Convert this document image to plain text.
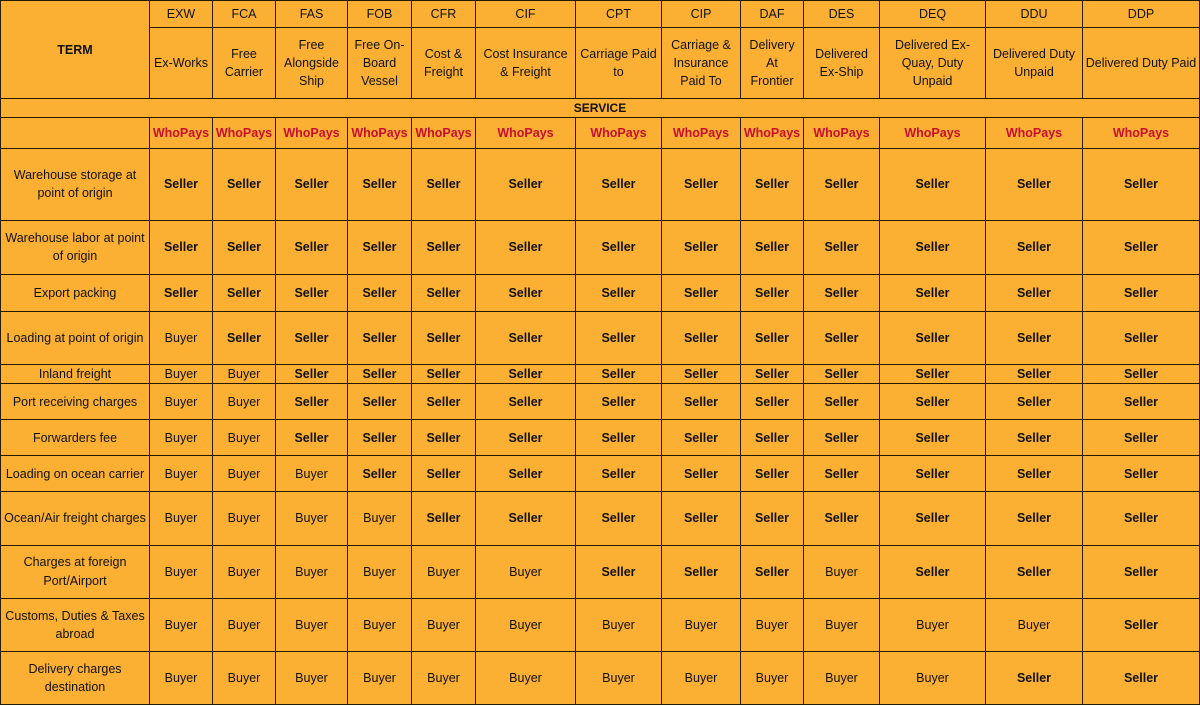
TERM	EXW	FCA	FAS	FOB	CFR	CIF	CPT	CIP	DAF	DES	DEQ	DDU	DDP
	Ex-Works	Free Carrier	Free Alongside Ship	Free On-Board Vessel	Cost & Freight	Cost Insurance & Freight	Carriage Paid to	Carriage & Insurance Paid To	Delivery At Frontier	Delivered Ex-Ship	Delivered Ex-Quay, Duty Unpaid	Delivered Duty Unpaid	Delivered Duty Paid
SERVICE													
	WhoPays	WhoPays	WhoPays	WhoPays	WhoPays	WhoPays	WhoPays	WhoPays	WhoPays	WhoPays	WhoPays	WhoPays	WhoPays
Warehouse storage at point of origin	Seller	Seller	Seller	Seller	Seller	Seller	Seller	Seller	Seller	Seller	Seller	Seller	Seller
Warehouse labor at point of origin	Seller	Seller	Seller	Seller	Seller	Seller	Seller	Seller	Seller	Seller	Seller	Seller	Seller
Export packing	Seller	Seller	Seller	Seller	Seller	Seller	Seller	Seller	Seller	Seller	Seller	Seller	Seller
Loading at point of origin	Buyer	Seller	Seller	Seller	Seller	Seller	Seller	Seller	Seller	Seller	Seller	Seller	Seller
Inland freight	Buyer	Buyer	Seller	Seller	Seller	Seller	Seller	Seller	Seller	Seller	Seller	Seller	Seller
Port receiving charges	Buyer	Buyer	Seller	Seller	Seller	Seller	Seller	Seller	Seller	Seller	Seller	Seller	Seller
Forwarders fee	Buyer	Buyer	Seller	Seller	Seller	Seller	Seller	Seller	Seller	Seller	Seller	Seller	Seller
Loading on ocean carrier	Buyer	Buyer	Buyer	Seller	Seller	Seller	Seller	Seller	Seller	Seller	Seller	Seller	Seller
Ocean/Air freight charges	Buyer	Buyer	Buyer	Buyer	Seller	Seller	Seller	Seller	Seller	Seller	Seller	Seller	Seller
Charges at foreign Port/Airport	Buyer	Buyer	Buyer	Buyer	Buyer	Buyer	Seller	Seller	Seller	Buyer	Seller	Seller	Seller
Customs, Duties & Taxes abroad	Buyer	Buyer	Buyer	Buyer	Buyer	Buyer	Buyer	Buyer	Buyer	Buyer	Buyer	Buyer	Seller
Delivery charges destination	Buyer	Buyer	Buyer	Buyer	Buyer	Buyer	Buyer	Buyer	Buyer	Buyer	Buyer	Seller	Seller
